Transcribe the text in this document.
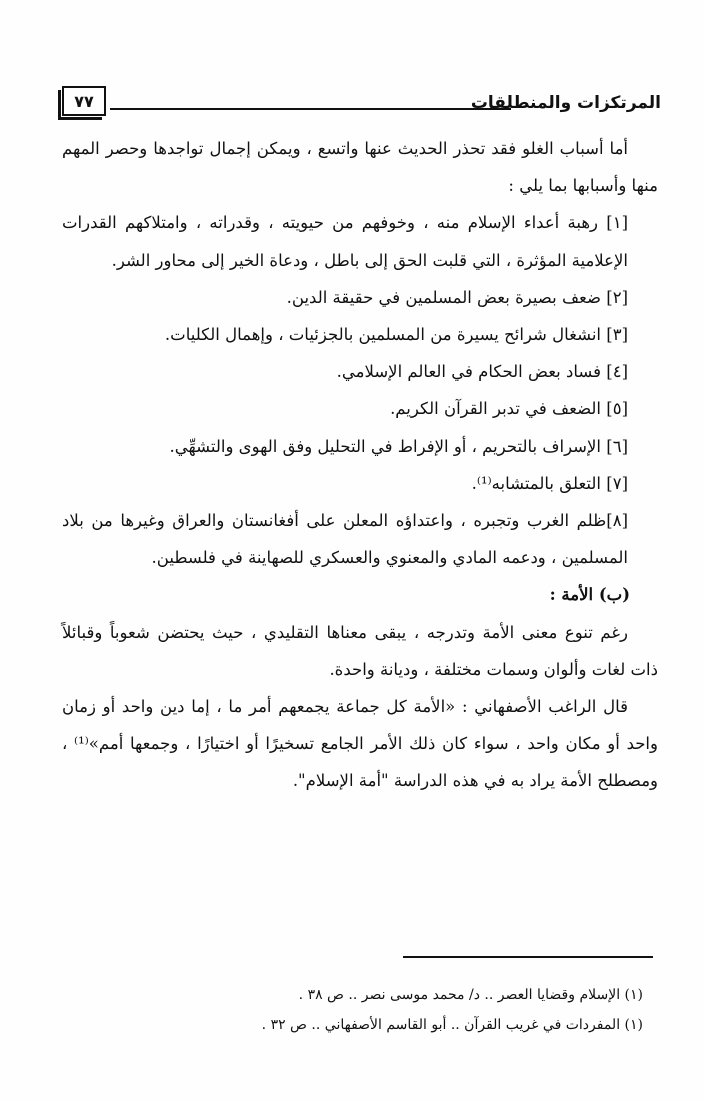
المرتكزات والمنطلقات
٧٧

أما أسباب الغلو فقد تحذر الحديث عنها واتسع ، ويمكن إجمال تواجدها وحصر المهم منها وأسبابها بما يلي :

[١] رهبة أعداء الإسلام منه ، وخوفهم من حيويته ، وقدراته ، وامتلاكهم القدرات الإعلامية المؤثرة ، التي قلبت الحق إلى باطل ، ودعاة الخير إلى محاور الشر.

[٢] ضعف بصيرة بعض المسلمين في حقيقة الدين.

[٣] انشغال شرائح يسيرة من المسلمين بالجزئيات ، وإهمال الكليات.

[٤] فساد بعض الحكام في العالم الإسلامي.

[٥] الضعف في تدبر القرآن الكريم.

[٦] الإسراف بالتحريم ، أو الإفراط في التحليل وفق الهوى والتشهِّي.

[٧] التعلق بالمتشابه⁽¹⁾.

[٨]ظلم الغرب وتجبره ، واعتداؤه المعلن على أفغانستان والعراق وغيرها من بلاد المسلمين ، ودعمه المادي والمعنوي والعسكري للصهاينة في فلسطين.

(ب) الأمة :

رغم تنوع معنى الأمة وتدرجه ، يبقى معناها التقليدي ، حيث يحتضن شعوباً وقبائلاً ذات لغات وألوان وسمات مختلفة ، وديانة واحدة.

قال الراغب الأصفهاني : «الأمة كل جماعة يجمعهم أمر ما ، إما دين واحد أو زمان واحد أو مكان واحد ، سواء كان ذلك الأمر الجامع تسخيرًا أو اختيارًا ، وجمعها أمم»⁽¹⁾ ، ومصطلح الأمة يراد به في هذه الدراسة "أمة الإسلام".

(١) الإسلام وقضايا العصر .. د/ محمد موسى نصر .. ص ٣٨ .

(١) المفردات في غريب القرآن .. أبو القاسم الأصفهاني .. ص ٣٢ .
